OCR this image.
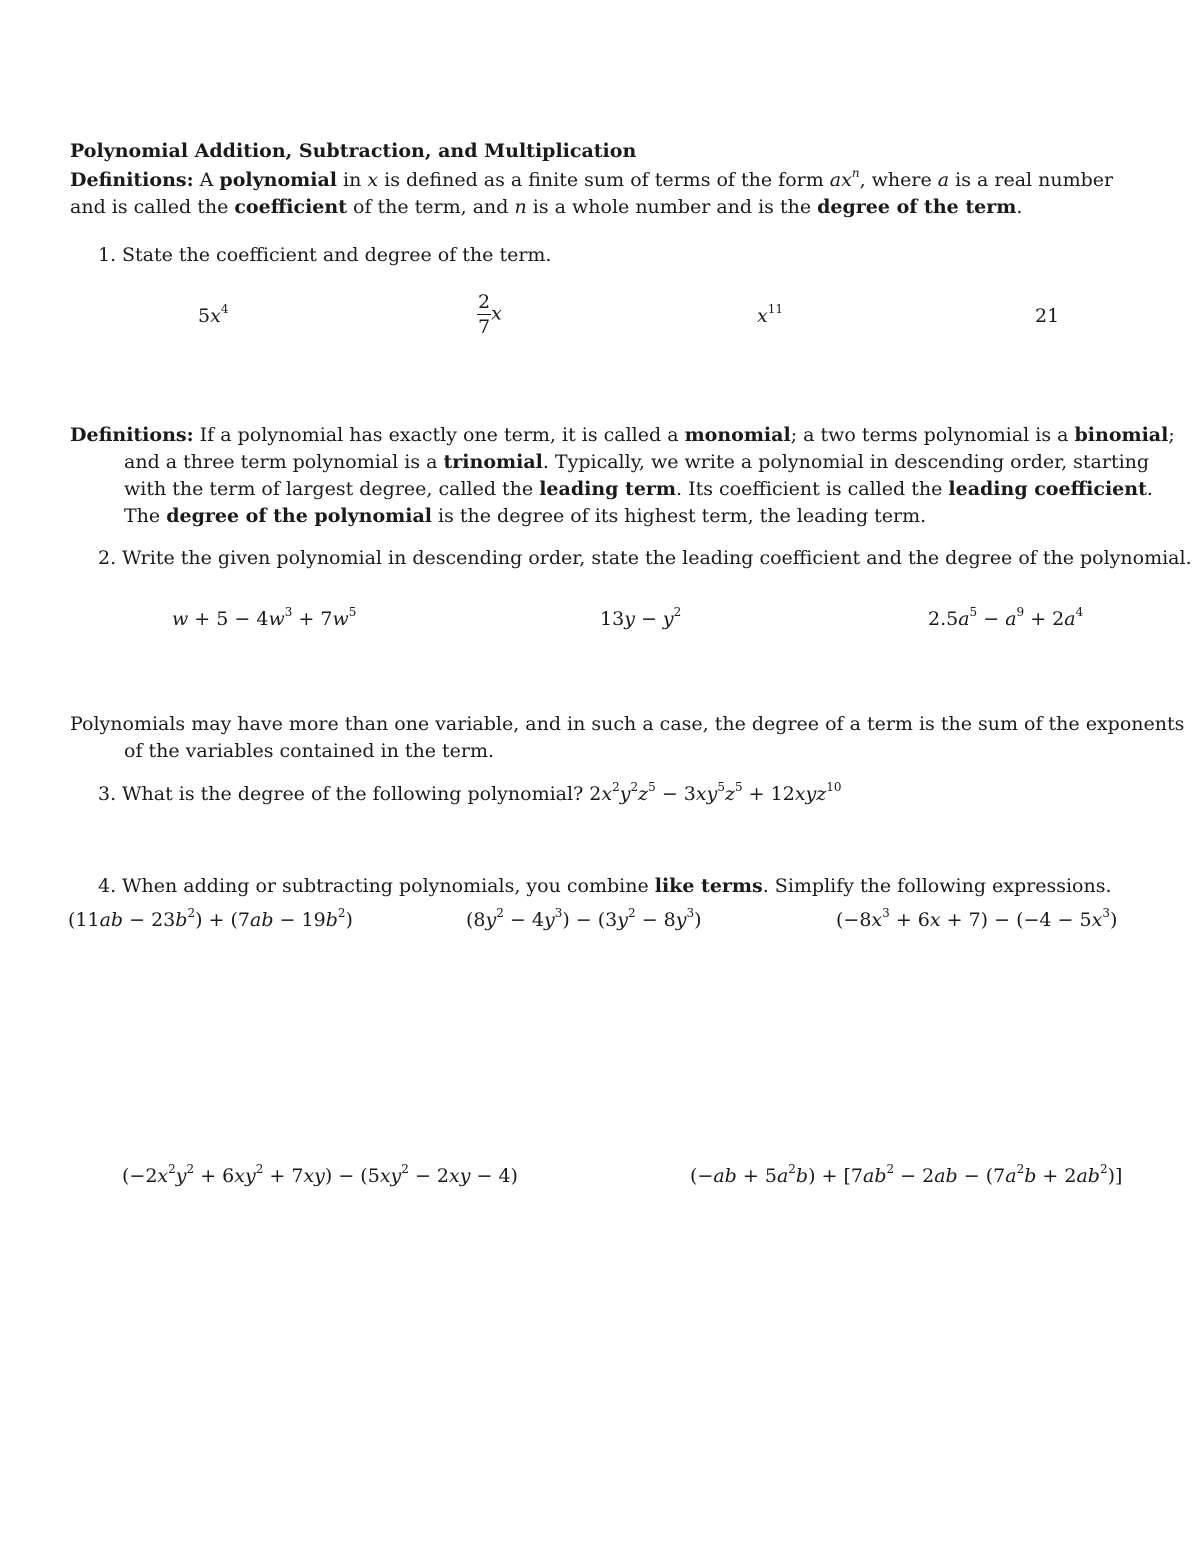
Polynomial Addition, Subtraction, and Multiplication
Definitions: A polynomial in x is defined as a finite sum of terms of the form $ax^n$, where a is a real number and is called the coefficient of the term, and n is a whole number and is the degree of the term.
1. State the coefficient and degree of the term.
$5x^4$	$\frac{2}{7}$ x	$x^{11}$	21
Definitions: If a polynomial has exactly one term, it is called a monomial; a two terms polynomial is a binomial; and a three term polynomial is a trinomial. Typically, we write a polynomial in descending order, starting with the term of largest degree, called the leading term. Its coefficient is called the leading coefficient. The degree of the polynomial is the degree of its highest term, the leading term.
2. Write the given polynomial in descending order, state the leading coefficient and the degree of the polynomial.
$w + 5 - 4w^3 + 7w^5$	$13y - y^2$	$2.5a^5 - a^9 + 2a^4$
Polynomials may have more than one variable, and in such a case, the degree of a term is the sum of the exponents of the variables contained in the term.
3. What is the degree of the following polynomial? $2x^2y^2z^5 - 3xy^5z^5 + 12xyz^{10}$
4. When adding or subtracting polynomials, you combine like terms. Simplify the following expressions.
$(11ab - 23b^2) + (7ab - 19b^2)$	$(8y^2 - 4y^3) - (3y^2 - 8y^3)$	$(-8x^3 + 6x + 7) - (-4 - 5x^3)$
$(-2x^2y^2 + 6xy^2 + 7xy) - (5xy^2 - 2xy - 4)$	$(-ab + 5a^2b) + [7ab^2 - 2ab - (7a^2b + 2ab^2)]$
